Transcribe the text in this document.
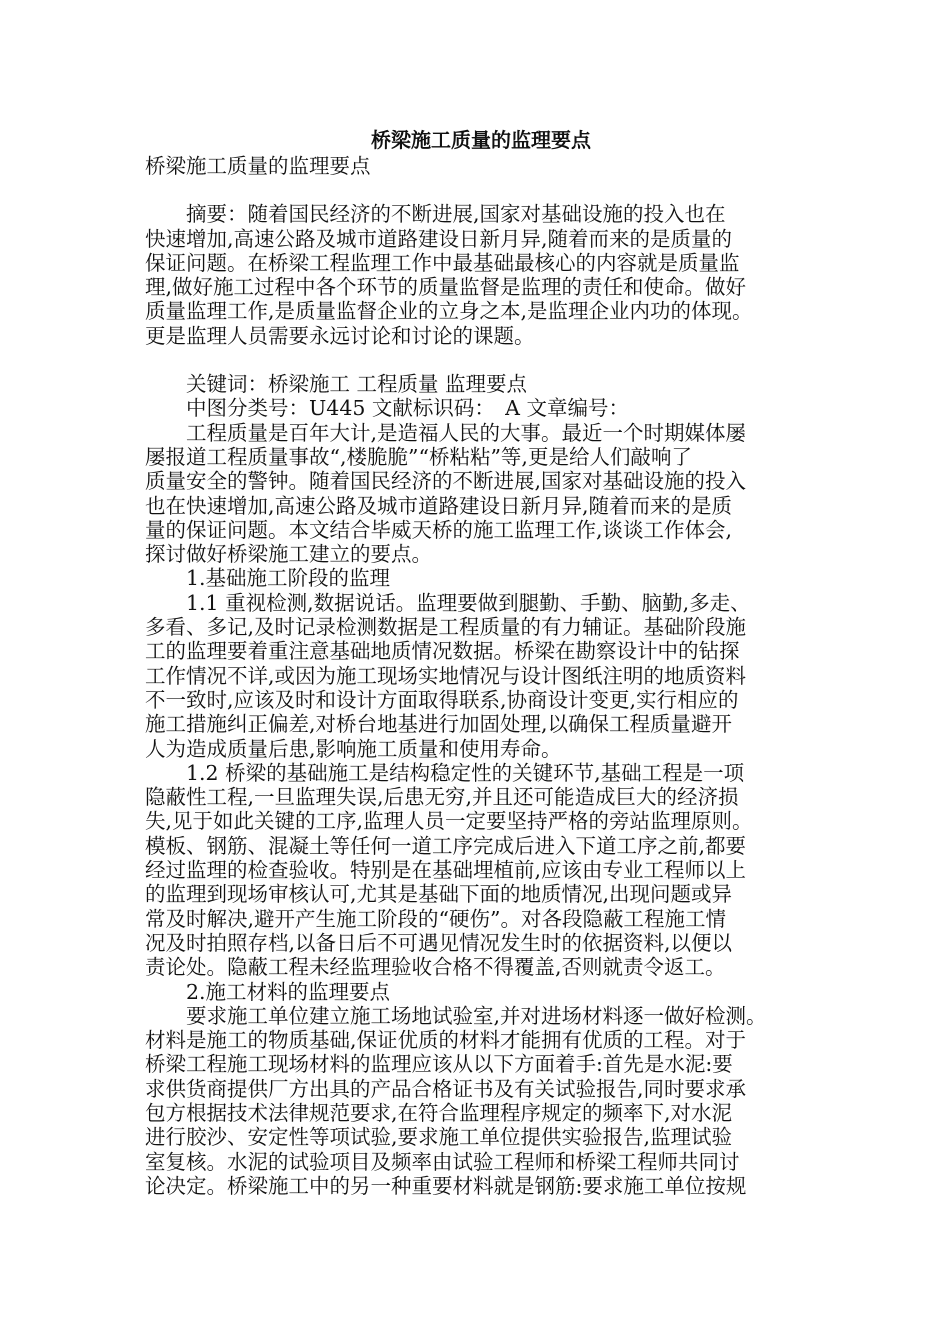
桥梁施工质量的监理要点

桥梁施工质量的监理要点

　　摘要：随着国民经济的不断进展,国家对基础设施的投入也在

快速增加,高速公路及城市道路建设日新月异,随着而来的是质量的

保证问题。在桥梁工程监理工作中最基础最核心的内容就是质量监

理,做好施工过程中各个环节的质量监督是监理的责任和使命。做好

质量监理工作,是质量监督企业的立身之本,是监理企业内功的体现。

更是监理人员需要永远讨论和讨论的课题。

　　关键词：桥梁施工 工程质量 监理要点

　　中图分类号：U445 文献标识码：　A 文章编号：

　　工程质量是百年大计,是造福人民的大事。最近一个时期媒体屡

屡报道工程质量事故“,楼脆脆”“桥粘粘”等,更是给人们敲响了

质量安全的警钟。随着国民经济的不断进展,国家对基础设施的投入

也在快速增加,高速公路及城市道路建设日新月异,随着而来的是质

量的保证问题。本文结合毕威天桥的施工监理工作,谈谈工作体会,

探讨做好桥梁施工建立的要点。

　　1.基础施工阶段的监理

　　1.1 重视检测,数据说话。监理要做到腿勤、手勤、脑勤,多走、

多看、多记,及时记录检测数据是工程质量的有力辅证。基础阶段施

工的监理要着重注意基础地质情况数据。桥梁在勘察设计中的钻探

工作情况不详,或因为施工现场实地情况与设计图纸注明的地质资料

不一致时,应该及时和设计方面取得联系,协商设计变更,实行相应的

施工措施纠正偏差,对桥台地基进行加固处理,以确保工程质量避开

人为造成质量后患,影响施工质量和使用寿命。

　　1.2 桥梁的基础施工是结构稳定性的关键环节,基础工程是一项

隐蔽性工程,一旦监理失误,后患无穷,并且还可能造成巨大的经济损

失,见于如此关键的工序,监理人员一定要坚持严格的旁站监理原则。

模板、钢筋、混凝土等任何一道工序完成后进入下道工序之前,都要

经过监理的检查验收。特别是在基础埋植前,应该由专业工程师以上

的监理到现场审核认可,尤其是基础下面的地质情况,出现问题或异

常及时解决,避开产生施工阶段的“硬伤”。对各段隐蔽工程施工情

况及时拍照存档,以备日后不可遇见情况发生时的依据资料,以便以

责论处。隐蔽工程未经监理验收合格不得覆盖,否则就责令返工。

　　2.施工材料的监理要点

　　要求施工单位建立施工场地试验室,并对进场材料逐一做好检测。

材料是施工的物质基础,保证优质的材料才能拥有优质的工程。对于

桥梁工程施工现场材料的监理应该从以下方面着手:首先是水泥:要

求供货商提供厂方出具的产品合格证书及有关试验报告,同时要求承

包方根据技术法律规范要求,在符合监理程序规定的频率下,对水泥

进行胶沙、安定性等项试验,要求施工单位提供实验报告,监理试验

室复核。水泥的试验项目及频率由试验工程师和桥梁工程师共同讨

论决定。桥梁施工中的另一种重要材料就是钢筋:要求施工单位按规
